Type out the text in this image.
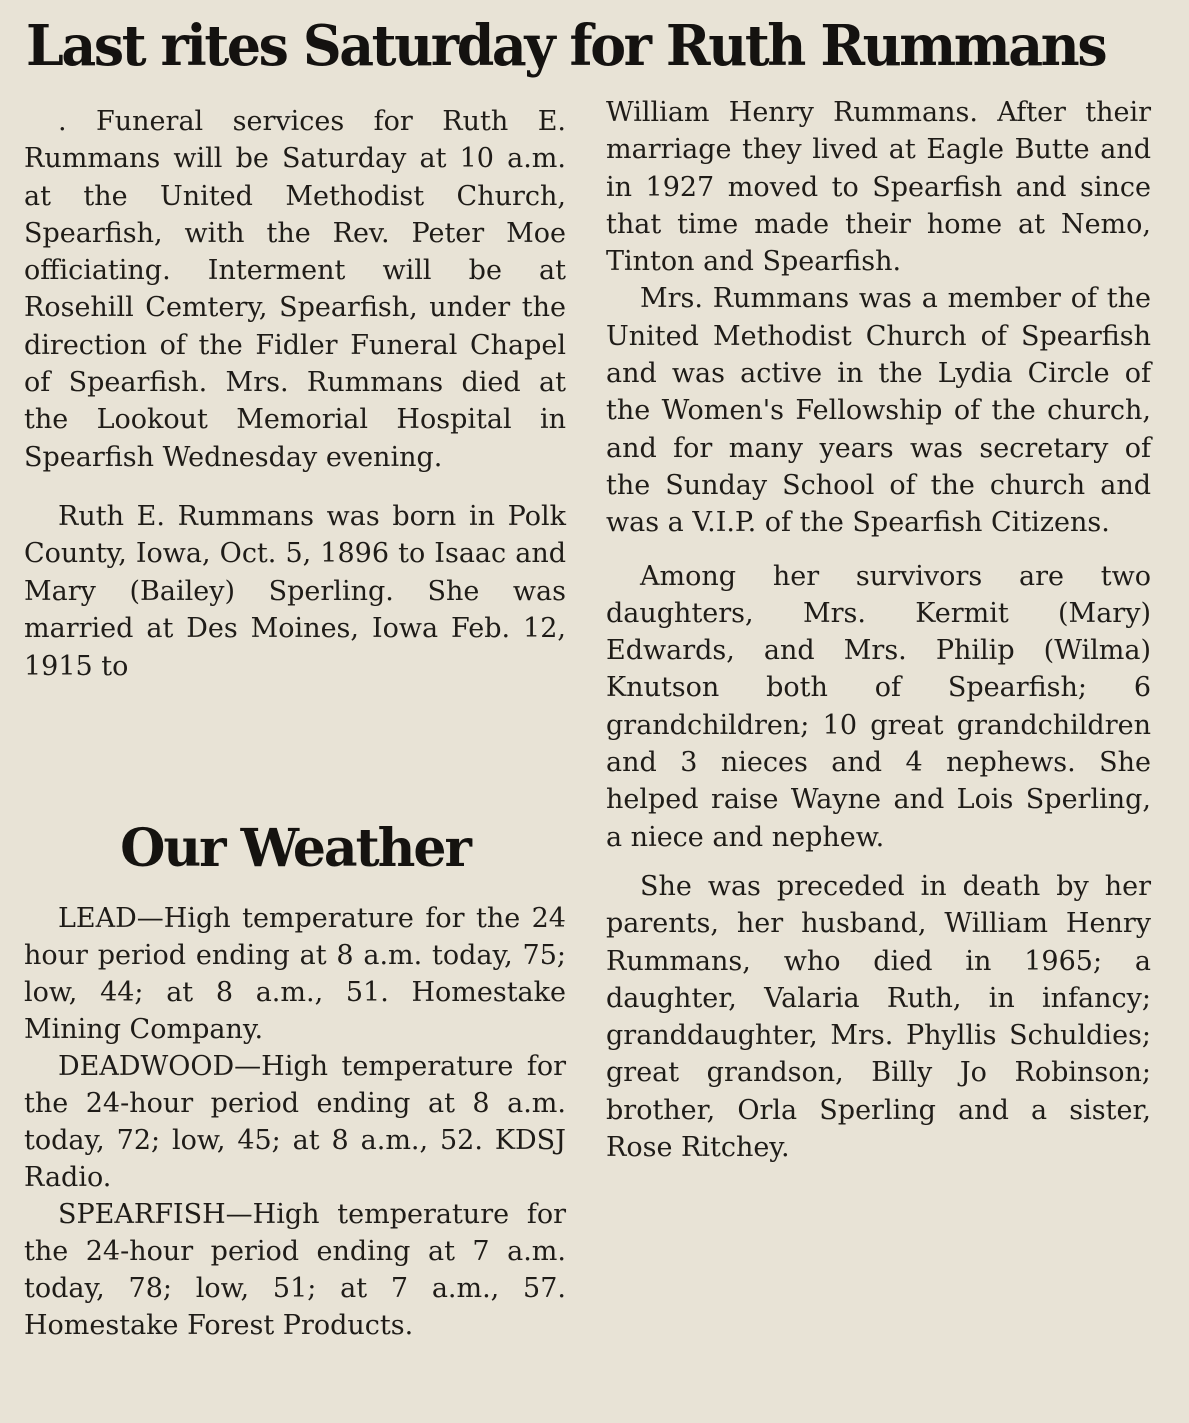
Last rites Saturday for Ruth Rummans

. Funeral services for Ruth E. Rummans will be Saturday at 10 a.m. at the United Methodist Church, Spearfish, with the Rev. Peter Moe officiating. Interment will be at Rosehill Cemtery, Spearfish, under the direction of the Fidler Funeral Chapel of Spearfish. Mrs. Rummans died at the Lookout Memorial Hospital in Spearfish Wednesday evening.

Ruth E. Rummans was born in Polk County, Iowa, Oct. 5, 1896 to Isaac and Mary (Bailey) Sperling. She was married at Des Moines, Iowa Feb. 12, 1915 to

Our Weather

LEAD—High temperature for the 24 hour period ending at 8 a.m. today, 75; low, 44; at 8 a.m., 51. Homestake Mining Company.

DEADWOOD—High temperature for the 24-hour period ending at 8 a.m. today, 72; low, 45; at 8 a.m., 52. KDSJ Radio.

SPEARFISH—High temperature for the 24-hour period ending at 7 a.m. today, 78; low, 51; at 7 a.m., 57. Homestake Forest Products.

William Henry Rummans. After their marriage they lived at Eagle Butte and in 1927 moved to Spearfish and since that time made their home at Nemo, Tinton and Spearfish.

Mrs. Rummans was a member of the United Methodist Church of Spearfish and was active in the Lydia Circle of the Women's Fellowship of the church, and for many years was secretary of the Sunday School of the church and was a V.I.P. of the Spearfish Citizens.

Among her survivors are two daughters, Mrs. Kermit (Mary) Edwards, and Mrs. Philip (Wilma) Knutson both of Spearfish; 6 grandchildren; 10 great grandchildren and 3 nieces and 4 nephews. She helped raise Wayne and Lois Sperling, a niece and nephew.

She was preceded in death by her parents, her husband, William Henry Rummans, who died in 1965; a daughter, Valaria Ruth, in infancy; granddaughter, Mrs. Phyllis Schuldies; great grandson, Billy Jo Robinson; brother, Orla Sperling and a sister, Rose Ritchey.
